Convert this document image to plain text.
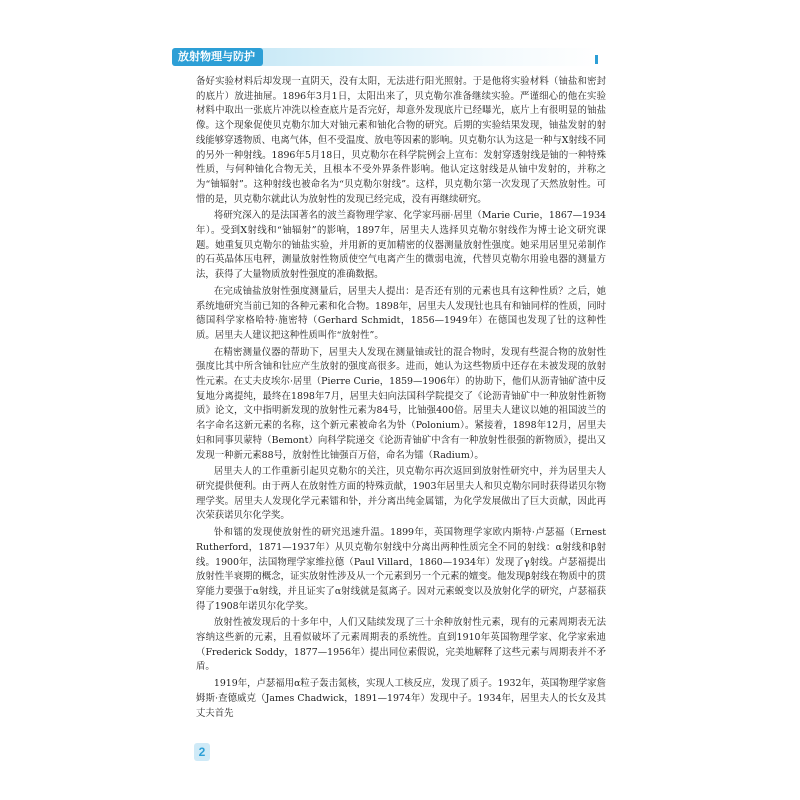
放射物理与防护

备好实验材料后却发现一直阴天，没有太阳，无法进行阳光照射。于是他将实验材料（铀盐和密封的底片）放进抽屉。1896年3月1日，太阳出来了，贝克勒尔准备继续实验。严谨细心的他在实验材料中取出一张底片冲洗以检查底片是否完好，却意外发现底片已经曝光，底片上有很明显的铀盐像。这个现象促使贝克勒尔加大对铀元素和铀化合物的研究。后期的实验结果发现，铀盐发射的射线能够穿透物质、电离气体，但不受温度、放电等因素的影响。贝克勒尔认为这是一种与X射线不同的另外一种射线。1896年5月18日，贝克勒尔在科学院例会上宣布：发射穿透射线是铀的一种特殊性质，与何种铀化合物无关，且根本不受外界条件影响。他认定这射线是从铀中发射的，并称之为“铀辐射”。这种射线也被命名为“贝克勒尔射线”。这样，贝克勒尔第一次发现了天然放射性。可惜的是，贝克勒尔就此认为放射性的发现已经完成，没有再继续研究。

将研究深入的是法国著名的波兰裔物理学家、化学家玛丽·居里（Marie Curie，1867—1934年）。受到X射线和“铀辐射”的影响，1897年，居里夫人选择贝克勒尔射线作为博士论文研究课题。她重复贝克勒尔的铀盐实验，并用新的更加精密的仪器测量放射性强度。她采用居里兄弟制作的石英晶体压电秤，测量放射性物质使空气电离产生的微弱电流，代替贝克勒尔用验电器的测量方法，获得了大量物质放射性强度的准确数据。

在完成铀盐放射性强度测量后，居里夫人提出：是否还有别的元素也具有这种性质？之后，她系统地研究当前已知的各种元素和化合物。1898年，居里夫人发现钍也具有和铀同样的性质，同时德国科学家格哈特·施密特（Gerhard Schmidt，1856—1949年）在德国也发现了钍的这种性质。居里夫人建议把这种性质叫作“放射性”。

在精密测量仪器的帮助下，居里夫人发现在测量铀或钍的混合物时，发现有些混合物的放射性强度比其中所含铀和钍应产生放射的强度高很多。进而，她认为这些物质中还存在未被发现的放射性元素。在丈夫皮埃尔·居里（Pierre Curie，1859—1906年）的协助下，他们从沥青铀矿渣中反复地分离提纯，最终在1898年7月，居里夫妇向法国科学院提交了《论沥青铀矿中一种放射性新物质》论文，文中指明新发现的放射性元素为84号，比铀强400倍。居里夫人建议以她的祖国波兰的名字命名这新元素的名称，这个新元素被命名为钋（Polonium）。紧接着，1898年12月，居里夫妇和同事贝蒙特（Bemont）向科学院递交《论沥青铀矿中含有一种放射性很强的新物质》，提出又发现一种新元素88号，放射性比铀强百万倍，命名为镭（Radium）。

居里夫人的工作重新引起贝克勒尔的关注，贝克勒尔再次返回到放射性研究中，并为居里夫人研究提供便利。由于两人在放射性方面的特殊贡献，1903年居里夫人和贝克勒尔同时获得诺贝尔物理学奖。居里夫人发现化学元素镭和钋，并分离出纯金属镭，为化学发展做出了巨大贡献，因此再次荣获诺贝尔化学奖。

钋和镭的发现使放射性的研究迅速升温。1899年，英国物理学家欧内斯特·卢瑟福（Ernest Rutherford，1871—1937年）从贝克勒尔射线中分离出两种性质完全不同的射线：α射线和β射线。1900年，法国物理学家维拉德（Paul Villard，1860—1934年）发现了γ射线。卢瑟福提出放射性半衰期的概念，证实放射性涉及从一个元素到另一个元素的嬗变。他发现β射线在物质中的贯穿能力要强于α射线，并且证实了α射线就是氦离子。因对元素蜕变以及放射化学的研究，卢瑟福获得了1908年诺贝尔化学奖。

放射性被发现后的十多年中，人们又陆续发现了三十余种放射性元素，现有的元素周期表无法容纳这些新的元素，且看似破坏了元素周期表的系统性。直到1910年英国物理学家、化学家索迪（Frederick Soddy，1877—1956年）提出同位素假说，完美地解释了这些元素与周期表并不矛盾。

1919年，卢瑟福用α粒子轰击氮核，实现人工核反应，发现了质子。1932年，英国物理学家詹姆斯·查德威克（James Chadwick，1891—1974年）发现中子。1934年，居里夫人的长女及其丈夫首先

2
